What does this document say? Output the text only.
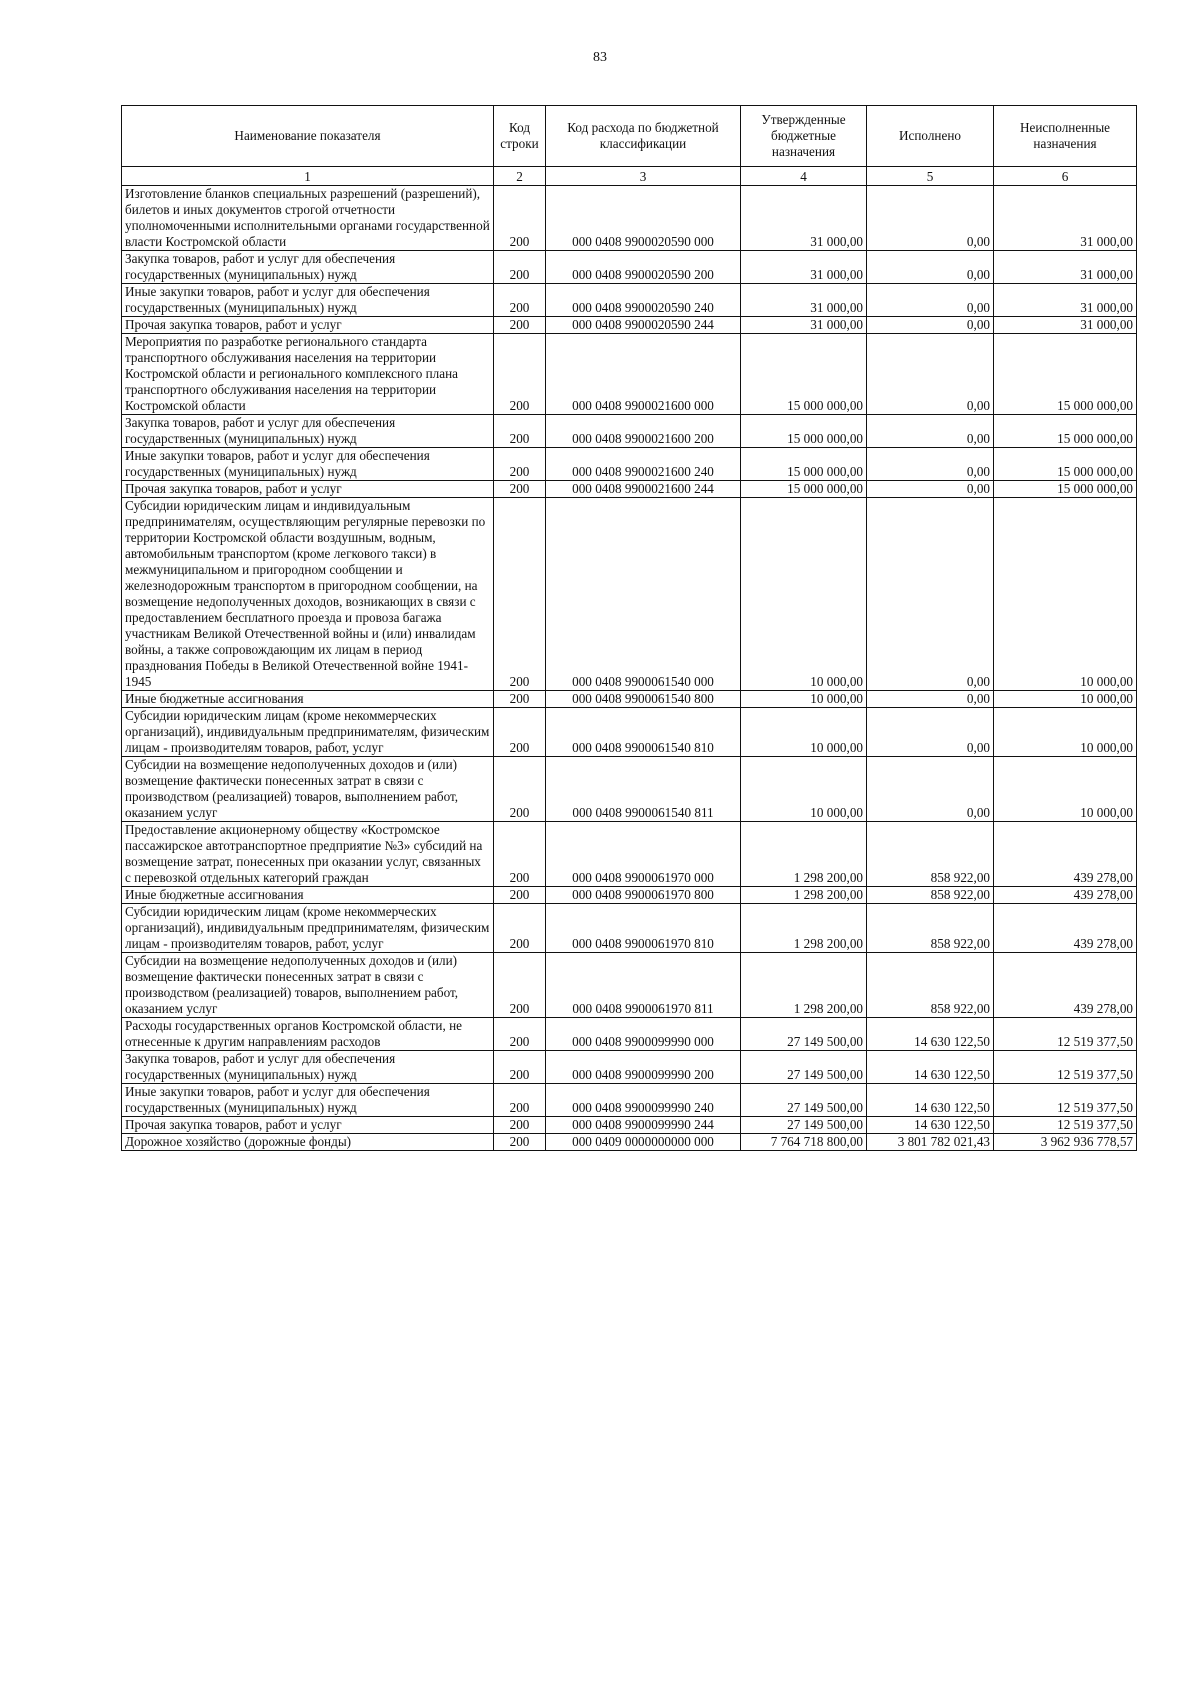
83
Наименование показателя	Код строки	Код расхода по бюджетной классификации	Утвержденные бюджетные назначения	Исполнено	Неисполненные назначения
1	2	3	4	5	6
Изготовление бланков специальных разрешений (разрешений), билетов и иных документов строгой отчетности уполномоченными исполнительными органами государственной власти Костромской области	200	000 0408 9900020590 000	31 000,00	0,00	31 000,00
Закупка товаров, работ и услуг для обеспечения государственных (муниципальных) нужд	200	000 0408 9900020590 200	31 000,00	0,00	31 000,00
Иные закупки товаров, работ и услуг для обеспечения государственных (муниципальных) нужд	200	000 0408 9900020590 240	31 000,00	0,00	31 000,00
Прочая закупка товаров, работ и услуг	200	000 0408 9900020590 244	31 000,00	0,00	31 000,00
Мероприятия по разработке регионального стандарта транспортного обслуживания населения на территории Костромской области и регионального комплексного плана транспортного обслуживания населения на территории Костромской области	200	000 0408 9900021600 000	15 000 000,00	0,00	15 000 000,00
Закупка товаров, работ и услуг для обеспечения государственных (муниципальных) нужд	200	000 0408 9900021600 200	15 000 000,00	0,00	15 000 000,00
Иные закупки товаров, работ и услуг для обеспечения государственных (муниципальных) нужд	200	000 0408 9900021600 240	15 000 000,00	0,00	15 000 000,00
Прочая закупка товаров, работ и услуг	200	000 0408 9900021600 244	15 000 000,00	0,00	15 000 000,00
Субсидии юридическим лицам и индивидуальным предпринимателям, осуществляющим регулярные перевозки по территории Костромской области воздушным, водным, автомобильным транспортом (кроме легкового такси) в межмуниципальном и пригородном сообщении и железнодорожным транспортом в пригородном сообщении, на возмещение недополученных доходов, возникающих в связи с предоставлением бесплатного проезда и провоза багажа участникам Великой Отечественной войны и (или) инвалидам войны, а также сопровождающим их лицам в период празднования Победы в Великой Отечественной войне 1941-1945	200	000 0408 9900061540 000	10 000,00	0,00	10 000,00
Иные бюджетные ассигнования	200	000 0408 9900061540 800	10 000,00	0,00	10 000,00
Субсидии юридическим лицам (кроме некоммерческих организаций), индивидуальным предпринимателям, физическим лицам - производителям товаров, работ, услуг	200	000 0408 9900061540 810	10 000,00	0,00	10 000,00
Субсидии на возмещение недополученных доходов и (или) возмещение фактически понесенных затрат в связи с производством (реализацией) товаров, выполнением работ, оказанием услуг	200	000 0408 9900061540 811	10 000,00	0,00	10 000,00
Предоставление акционерному обществу «Костромское пассажирское автотранспортное предприятие №3» субсидий на возмещение затрат, понесенных при оказании услуг, связанных с перевозкой отдельных категорий граждан	200	000 0408 9900061970 000	1 298 200,00	858 922,00	439 278,00
Иные бюджетные ассигнования	200	000 0408 9900061970 800	1 298 200,00	858 922,00	439 278,00
Субсидии юридическим лицам (кроме некоммерческих организаций), индивидуальным предпринимателям, физическим лицам - производителям товаров, работ, услуг	200	000 0408 9900061970 810	1 298 200,00	858 922,00	439 278,00
Субсидии на возмещение недополученных доходов и (или) возмещение фактически понесенных затрат в связи с производством (реализацией) товаров, выполнением работ, оказанием услуг	200	000 0408 9900061970 811	1 298 200,00	858 922,00	439 278,00
Расходы государственных органов Костромской области, не отнесенные к другим направлениям расходов	200	000 0408 9900099990 000	27 149 500,00	14 630 122,50	12 519 377,50
Закупка товаров, работ и услуг для обеспечения государственных (муниципальных) нужд	200	000 0408 9900099990 200	27 149 500,00	14 630 122,50	12 519 377,50
Иные закупки товаров, работ и услуг для обеспечения государственных (муниципальных) нужд	200	000 0408 9900099990 240	27 149 500,00	14 630 122,50	12 519 377,50
Прочая закупка товаров, работ и услуг	200	000 0408 9900099990 244	27 149 500,00	14 630 122,50	12 519 377,50
Дорожное хозяйство (дорожные фонды)	200	000 0409 0000000000 000	7 764 718 800,00	3 801 782 021,43	3 962 936 778,57
